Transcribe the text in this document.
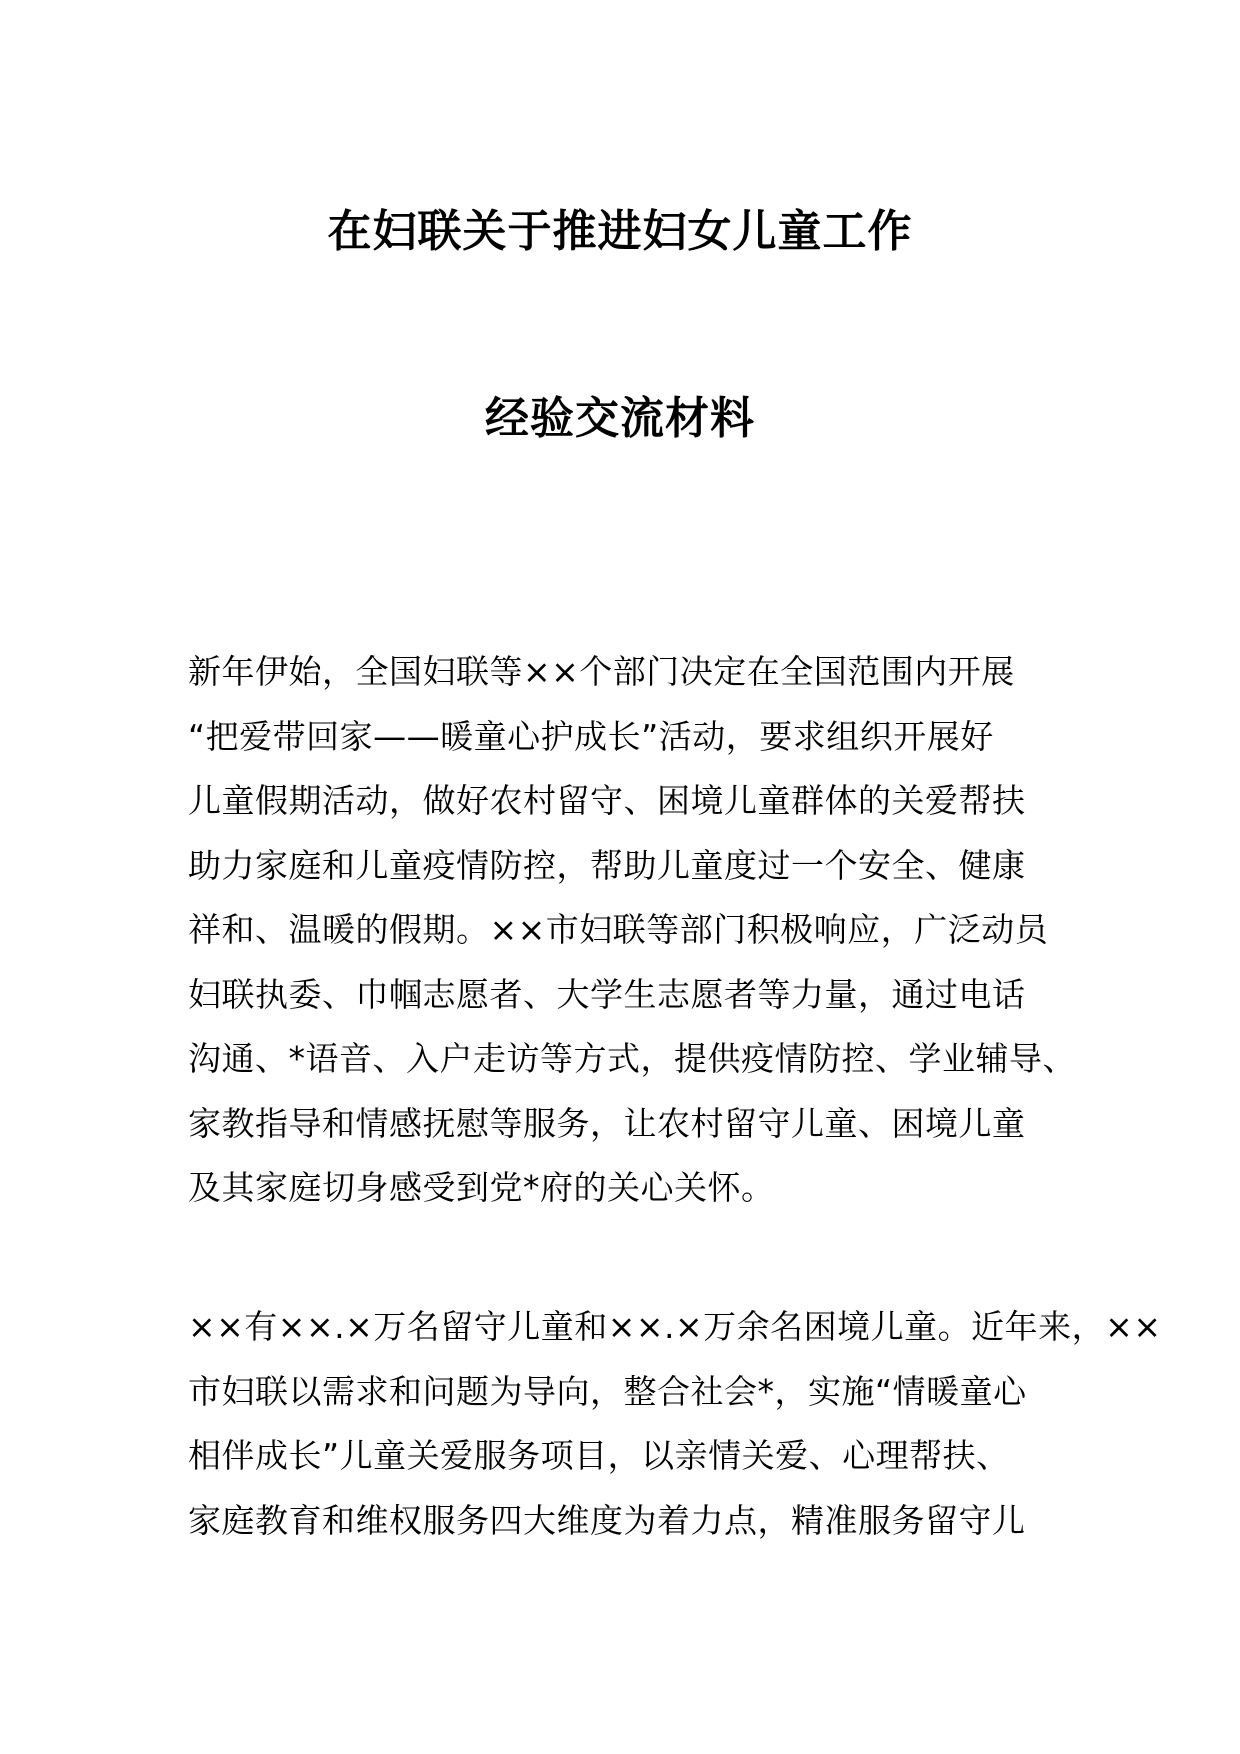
在妇联关于推进妇女儿童工作
经验交流材料
新年伊始，全国妇联等××个部门决定在全国范围内开展
“把爱带回家——暖童心护成长”活动，要求组织开展好
儿童假期活动，做好农村留守、困境儿童群体的关爱帮扶
助力家庭和儿童疫情防控，帮助儿童度过一个安全、健康
祥和、温暖的假期。××市妇联等部门积极响应，广泛动员
妇联执委、巾帼志愿者、大学生志愿者等力量，通过电话
沟通、*语音、入户走访等方式，提供疫情防控、学业辅导、
家教指导和情感抚慰等服务，让农村留守儿童、困境儿童
及其家庭切身感受到党*府的关心关怀。
××有××.×万名留守儿童和××.×万余名困境儿童。近年来，××
市妇联以需求和问题为导向，整合社会*，实施“情暖童心
相伴成长”儿童关爱服务项目，以亲情关爱、心理帮扶、
家庭教育和维权服务四大维度为着力点，精准服务留守儿
